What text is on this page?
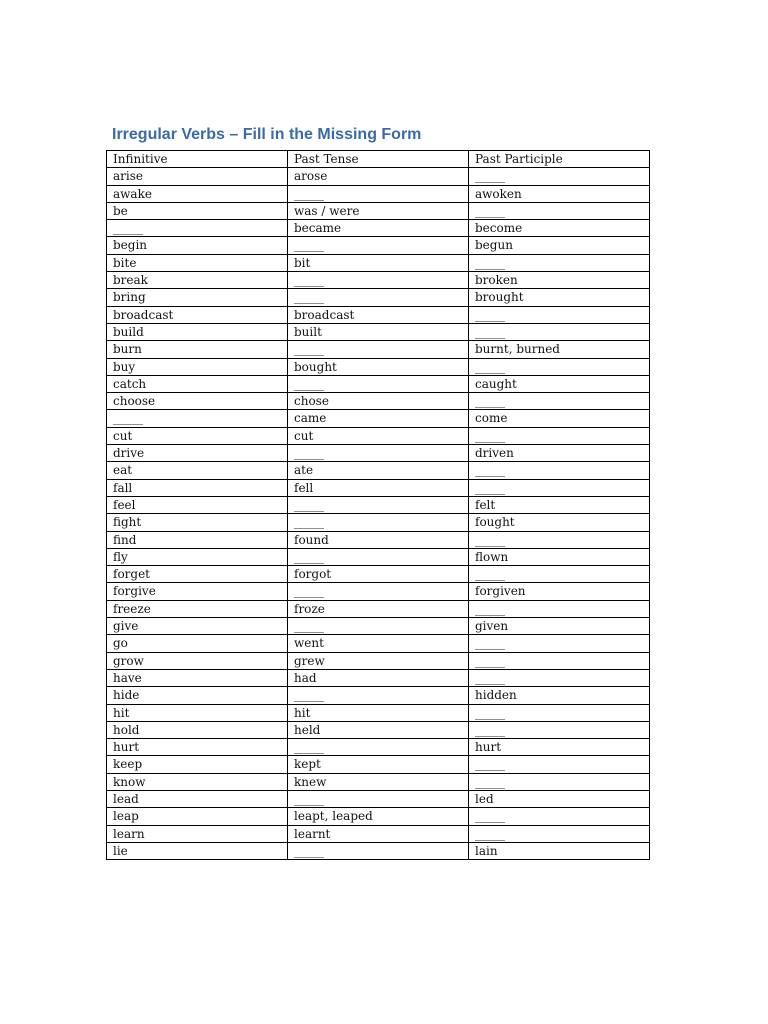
Irregular Verbs – Fill in the Missing Form
Infinitive	Past Tense	Past Participle
arise	arose	_____
awake	_____	awoken
be	was / were	_____
_____	became	become
begin	_____	begun
bite	bit	_____
break	_____	broken
bring	_____	brought
broadcast	broadcast	_____
build	built	_____
burn	_____	burnt, burned
buy	bought	_____
catch	_____	caught
choose	chose	_____
_____	came	come
cut	cut	_____
drive	_____	driven
eat	ate	_____
fall	fell	_____
feel	_____	felt
fight	_____	fought
find	found	_____
fly	_____	flown
forget	forgot	_____
forgive	_____	forgiven
freeze	froze	_____
give	_____	given
go	went	_____
grow	grew	_____
have	had	_____
hide	_____	hidden
hit	hit	_____
hold	held	_____
hurt	_____	hurt
keep	kept	_____
know	knew	_____
lead	_____	led
leap	leapt, leaped	_____
learn	learnt	_____
lie	_____	lain
